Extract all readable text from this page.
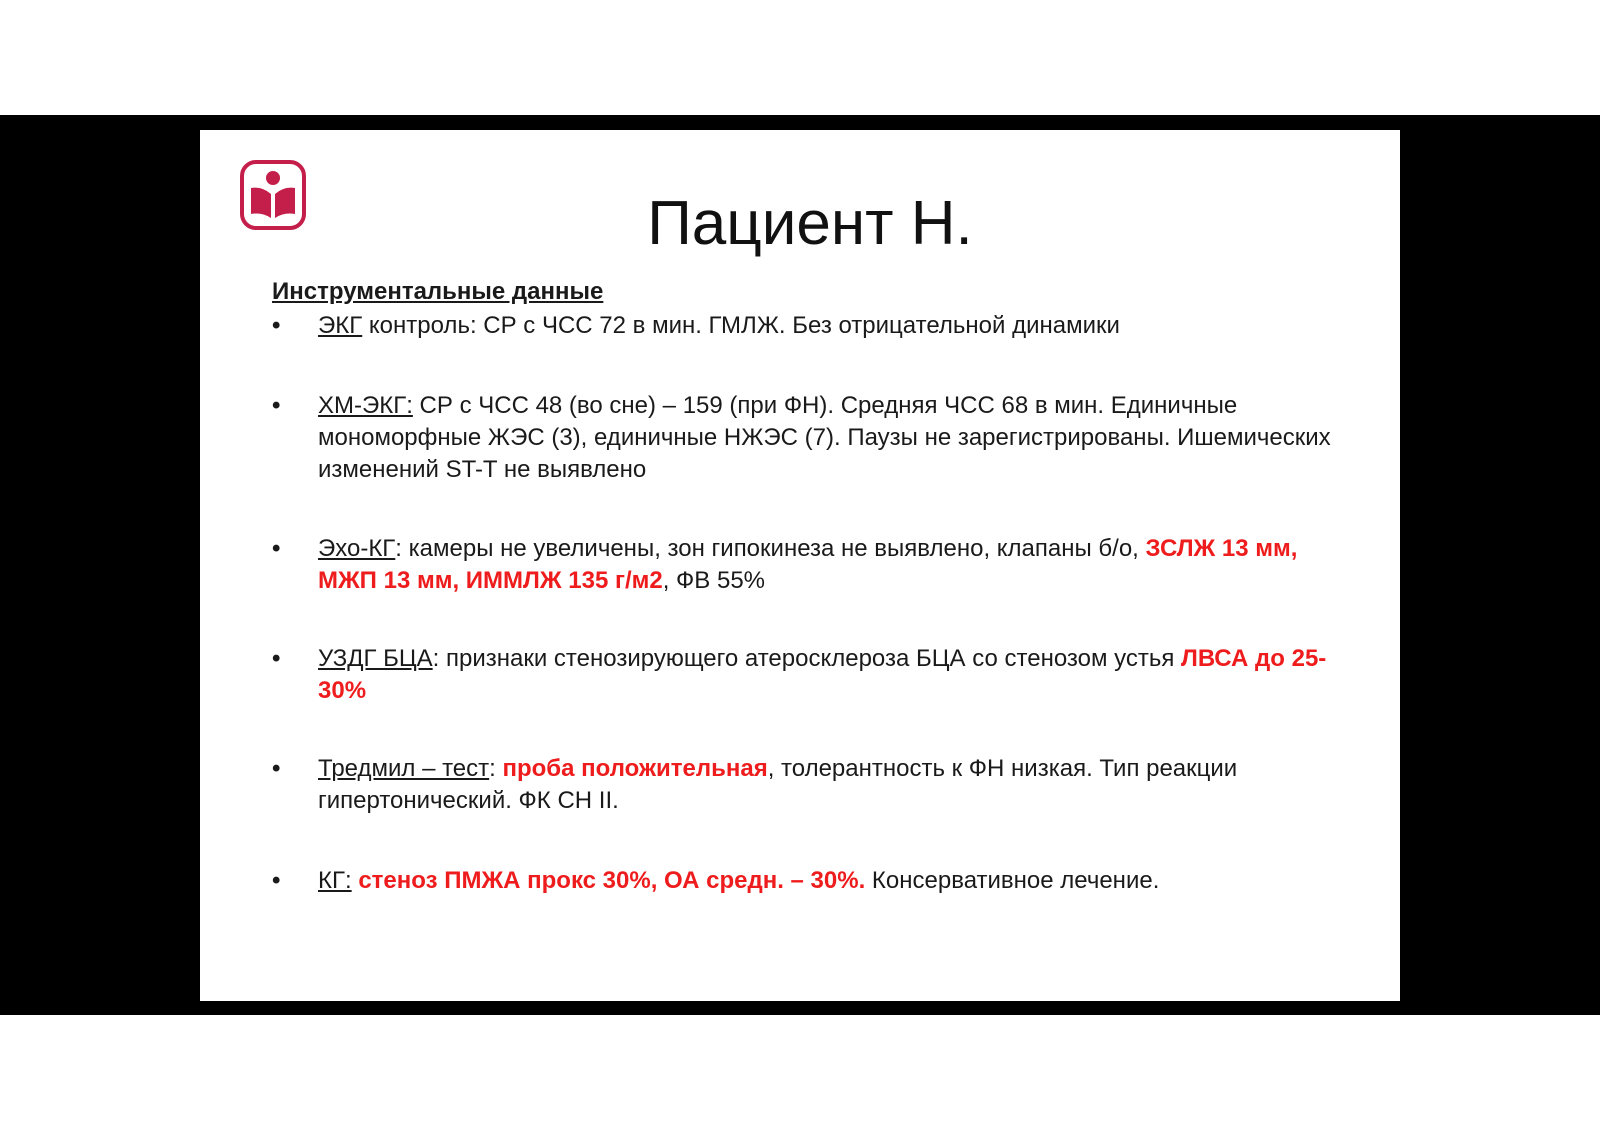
Пациент Н.
Инструментальные данные
•	ЭКГ контроль: СР с ЧСС 72 в мин. ГМЛЖ. Без отрицательной динамики
•	ХМ-ЭКГ: СР с ЧСС 48 (во сне) – 159 (при ФН). Средняя ЧСС 68 в мин. Единичные мономорфные ЖЭС (3), единичные НЖЭС (7). Паузы не зарегистрированы. Ишемических изменений ST-T не выявлено
•	Эхо-КГ: камеры не увеличены, зон гипокинеза не выявлено, клапаны б/о, ЗСЛЖ 13 мм, МЖП 13 мм, ИММЛЖ 135 г/м2, ФВ 55%
•	УЗДГ БЦА: признаки стенозирующего атеросклероза БЦА со стенозом устья ЛВСА до 25-30%
•	Тредмил – тест: проба положительная, толерантность к ФН низкая. Тип реакции гипертонический. ФК СН II.
•	КГ: стеноз ПМЖА прокс 30%, ОА средн. – 30%. Консервативное лечение.
